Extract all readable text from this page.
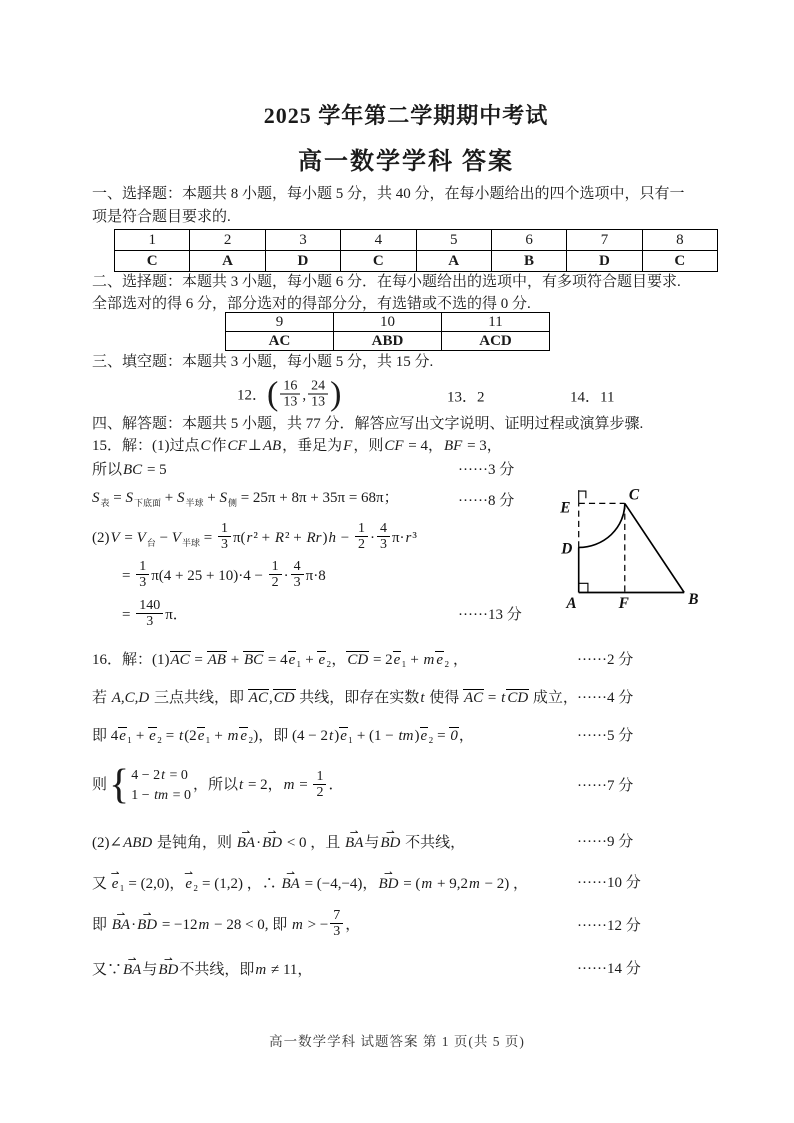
2025 学年第二学期期中考试
高一数学学科 答案
一、选择题：本题共 8 小题，每小题 5 分，共 40 分，在每小题给出的四个选项中，只有一
项是符合题目要求的.
1	2	3	4	5	6	7	8
C	A	D	C	A	B	D	C
二、选择题：本题共 3 小题，每小题 6 分．在每小题给出的选项中，有多项符合题目要求.
全部选对的得 6 分，部分选对的得部分分，有选错或不选的得 0 分.
9	10	11
AC	ABD	ACD
三、填空题：本题共 3 小题，每小题 5 分，共 15 分.
12．( $\frac{16}{13}$ , $\frac{24}{13}$ )	13．2	14．11
四、解答题：本题共 5 小题，共 77 分．解答应写出文字说明、证明过程或演算步骤.
15．解：(1)过点C作CF⊥AB，垂足为F，则CF = 4，BF = 3，
所以BC = 5	······3 分
$S_表 = S_{下底面} + S_{半球} + S_侧 = 25\pi + 8\pi + 35\pi = 68\pi$；	······8 分
$(2)V = V_台 - V_{半球} = \frac{1}{3} \pi(r^2 + R^2 + Rr)h - \frac{1}{2} \cdot \frac{4}{3} \pi\cdot r^3$
= $\frac{1}{3} \pi(4 + 25 + 10)\cdot 4 - \frac{1}{2} \cdot \frac{4}{3} \pi\cdot 8$
= $\frac{140}{3}$ π．	······13 分
16．解：(1)AC = AB + BC = 4e₁ + e₂，CD = 2e₁ + m e₂ ，	······2 分
若 A,C,D 三点共线，即 AC,CD 共线，即存在实数t 使得 AC = t CD 成立， ······4 分
即 4e₁ + e₂ = t(2e₁ + m e₂)，即 (4 − 2t)e₁ + (1 − tm)e₂ = 0，	······5 分
则
{ 4 − 2t = 0
1 − tm = 0
，所以t = 2，$m = \frac{1}{2}$ ．	······7 分
(2)∠ABD 是钝角，则 BA ⇀·BD ⇀ < 0 ，且 BA ⇀与BD ⇀ 不共线，	······9 分
又 e ⇀₁ = (2,0)，e ⇀₂ = (1,2) ，∴ BA ⇀ = (−4,−4)，BD ⇀ = (m + 9,2m − 2) ，	······10 分
即 BA ⇀·BD ⇀ = −12m − 28 < 0, 即 m > − $\frac{7}{3}$ ，	······12 分
又∵BA ⇀与BD ⇀不共线，即m ≠ 11，	······14 分
A	B
C
D
E
F
高一数学学科 试题答案 第 1 页(共 5 页)
